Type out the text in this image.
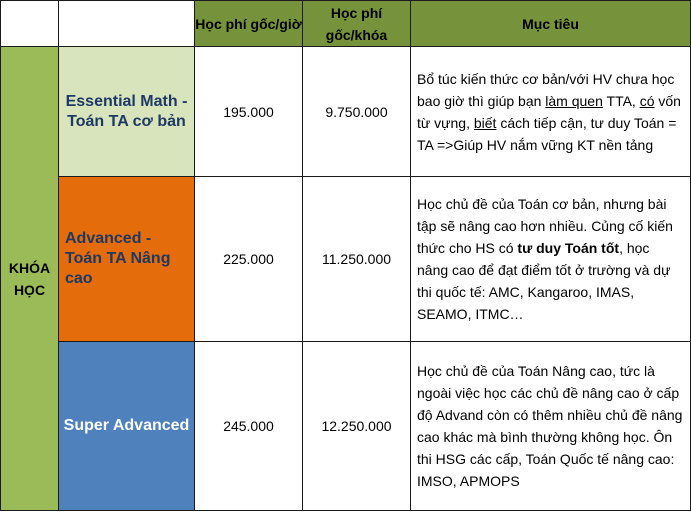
		Học phí gốc/giờ	Học phí gốc/khóa	Mục tiêu
KHÓA HỌC	Essential Math - Toán TA cơ bản	195.000	9.750.000	Bổ túc kiến thức cơ bản/với HV chưa học bao giờ thì giúp bạn làm quen TTA, có vốn từ vựng, biết cách tiếp cận, tư duy Toán = TA =>Giúp HV nắm vững KT nền tảng
	Advanced - Toán TA Nâng cao	225.000	11.250.000	Học chủ đề của Toán cơ bản, nhưng bài tập sẽ nâng cao hơn nhiều. Củng cố kiến thức cho HS có tư duy Toán tốt, học nâng cao để đạt điểm tốt ở trường và dự thi quốc tế: AMC, Kangaroo, IMAS, SEAMO, ITMC…
	Super Advanced	245.000	12.250.000	Học chủ đề của Toán Nâng cao, tức là ngoài việc học các chủ đề nâng cao ở cấp độ Advand còn có thêm nhiều chủ đề nâng cao khác mà bình thường không học. Ôn thi HSG các cấp, Toán Quốc tế nâng cao: IMSO, APMOPS
